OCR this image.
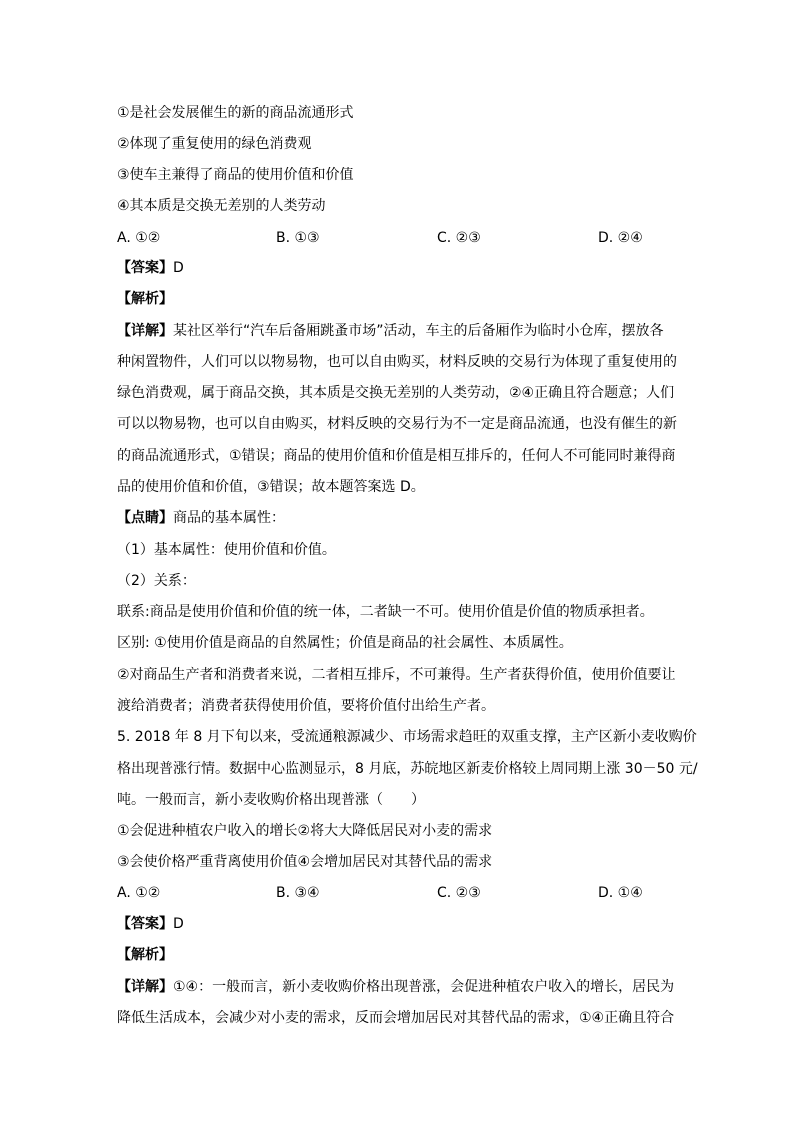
①是社会发展催生的新的商品流通形式
②体现了重复使用的绿色消费观
③使车主兼得了商品的使用价值和价值
④其本质是交换无差别的人类劳动
A. ①②	B. ①③	C. ②③	D. ②④
【答案】D
【解析】
【详解】某社区举行“汽车后备厢跳蚤市场”活动，车主的后备厢作为临时小仓库，摆放各
种闲置物件，人们可以以物易物，也可以自由购买，材料反映的交易行为体现了重复使用的
绿色消费观，属于商品交换，其本质是交换无差别的人类劳动，②④正确且符合题意；人们
可以以物易物，也可以自由购买，材料反映的交易行为不一定是商品流通，也没有催生的新
的商品流通形式，①错误；商品的使用价值和价值是相互排斥的，任何人不可能同时兼得商
品的使用价值和价值，③错误；故本题答案选 D。
【点睛】商品的基本属性：
（1）基本属性：使用价值和价值。
（2）关系：
联系:商品是使用价值和价值的统一体，二者缺一不可。使用价值是价值的物质承担者。
区别: ①使用价值是商品的自然属性；价值是商品的社会属性、本质属性。
②对商品生产者和消费者来说，二者相互排斥，不可兼得。生产者获得价值，使用价值要让
渡给消费者；消费者获得使用价值，要将价值付出给生产者。
5. 2018 年 8 月下旬以来，受流通粮源减少、市场需求趋旺的双重支撑，主产区新小麦收购价
格出现普涨行情。数据中心监测显示，8 月底，苏皖地区新麦价格较上周同期上涨 30－50 元/
吨。一般而言，新小麦收购价格出现普涨（　　）
①会促进种植农户收入的增长②将大大降低居民对小麦的需求
③会使价格严重背离使用价值④会增加居民对其替代品的需求
A. ①②	B. ③④	C. ②③	D. ①④
【答案】D
【解析】
【详解】①④：一般而言，新小麦收购价格出现普涨，会促进种植农户收入的增长，居民为
降低生活成本，会减少对小麦的需求，反而会增加居民对其替代品的需求，①④正确且符合
